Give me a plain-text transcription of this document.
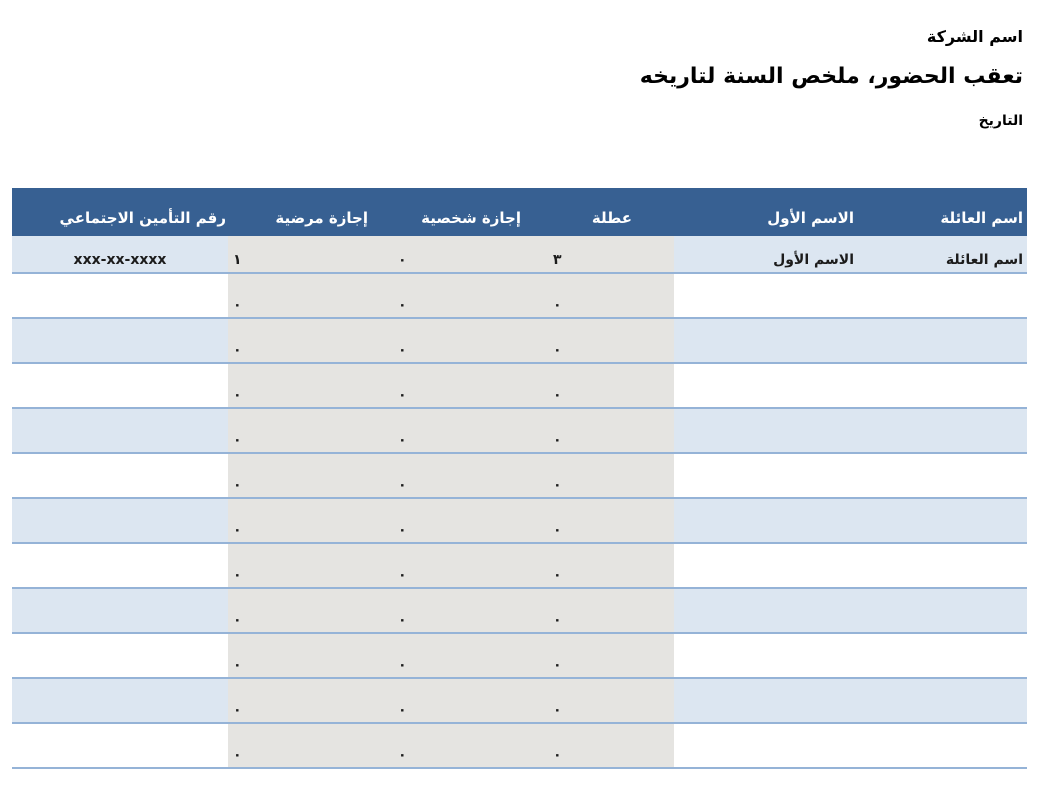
اسم الشركة
تعقب الحضور، ملخص السنة لتاريخه
التاريخ
اسم العائلة
الاسم الأول
عطلة
إجازة شخصية
إجازة مرضية
رقم التأمين الاجتماعي
اسم العائلة
الاسم الأول
٣
٠
١
xxx-xx-xxxx
٠
٠
٠
٠
٠
٠
٠
٠
٠
٠
٠
٠
٠
٠
٠
٠
٠
٠
٠
٠
٠
٠
٠
٠
٠
٠
٠
٠
٠
٠
٠
٠
٠
